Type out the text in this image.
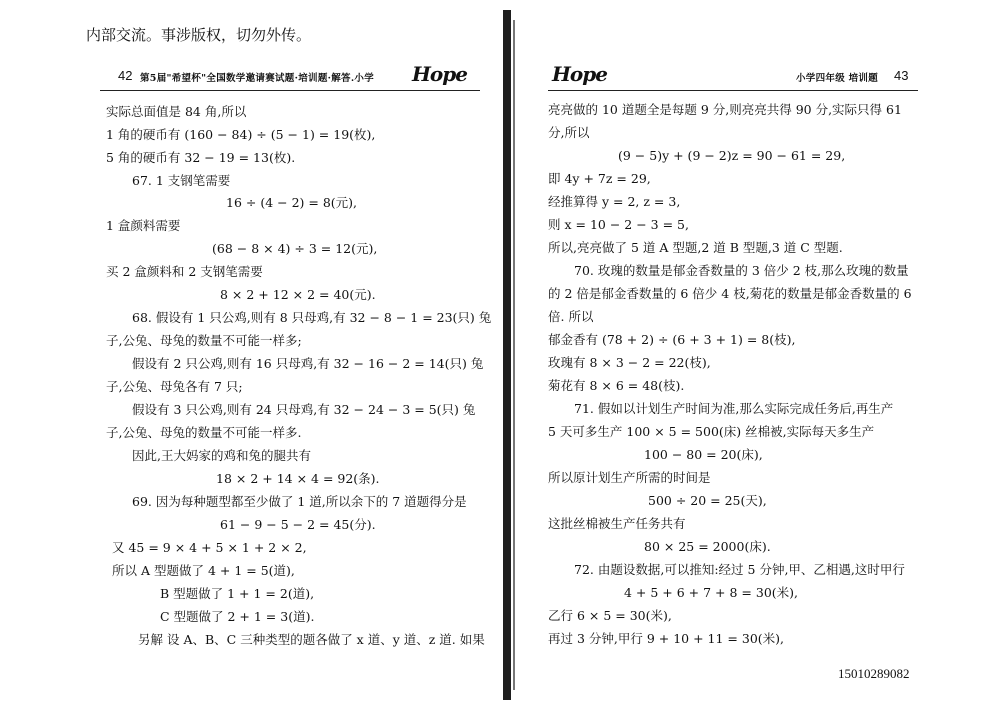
内部交流。事涉版权，切勿外传。
42 第5届"希望杯"全国数学邀请赛试题·培训题·解答.小学 Hope
实际总面值是 84 角,所以
1 角的硬币有 (160 − 84) ÷ (5 − 1) = 19(枚),
5 角的硬币有 32 − 19 = 13(枚).
67. 1 支钢笔需要
16 ÷ (4 − 2) = 8(元),
1 盒颜料需要
(68 − 8 × 4) ÷ 3 = 12(元),
买 2 盒颜料和 2 支钢笔需要
8 × 2 + 12 × 2 = 40(元).
68. 假设有 1 只公鸡,则有 8 只母鸡,有 32 − 8 − 1 = 23(只) 兔
子,公兔、母兔的数量不可能一样多;
假设有 2 只公鸡,则有 16 只母鸡,有 32 − 16 − 2 = 14(只) 兔
子,公兔、母兔各有 7 只;
假设有 3 只公鸡,则有 24 只母鸡,有 32 − 24 − 3 = 5(只) 兔
子,公兔、母兔的数量不可能一样多.
因此,王大妈家的鸡和兔的腿共有
18 × 2 + 14 × 4 = 92(条).
69. 因为每种题型都至少做了 1 道,所以余下的 7 道题得分是
61 − 9 − 5 − 2 = 45(分).
又 45 = 9 × 4 + 5 × 1 + 2 × 2,
所以 A 型题做了 4 + 1 = 5(道),
B 型题做了 1 + 1 = 2(道),
C 型题做了 2 + 1 = 3(道).
另解 设 A、B、C 三种类型的题各做了 x 道、y 道、z 道. 如果
Hope	小学四年级 培训题 43
亮亮做的 10 道题全是每题 9 分,则亮亮共得 90 分,实际只得 61
分,所以
(9 − 5)y + (9 − 2)z = 90 − 61 = 29,
即 4y + 7z = 29,
经推算得 y = 2, z = 3,
则 x = 10 − 2 − 3 = 5,
所以,亮亮做了 5 道 A 型题,2 道 B 型题,3 道 C 型题.
70. 玫瑰的数量是郁金香数量的 3 倍少 2 枝,那么玫瑰的数量
的 2 倍是郁金香数量的 6 倍少 4 枝,菊花的数量是郁金香数量的 6
倍. 所以
郁金香有 (78 + 2) ÷ (6 + 3 + 1) = 8(枝),
玫瑰有 8 × 3 − 2 = 22(枝),
菊花有 8 × 6 = 48(枝).
71. 假如以计划生产时间为准,那么实际完成任务后,再生产
5 天可多生产 100 × 5 = 500(床) 丝棉被,实际每天多生产
100 − 80 = 20(床),
所以原计划生产所需的时间是
500 ÷ 20 = 25(天),
这批丝棉被生产任务共有
80 × 25 = 2000(床).
72. 由题设数据,可以推知:经过 5 分钟,甲、乙相遇,这时甲行
4 + 5 + 6 + 7 + 8 = 30(米),
乙行 6 × 5 = 30(米),
再过 3 分钟,甲行 9 + 10 + 11 = 30(米),
15010289082
